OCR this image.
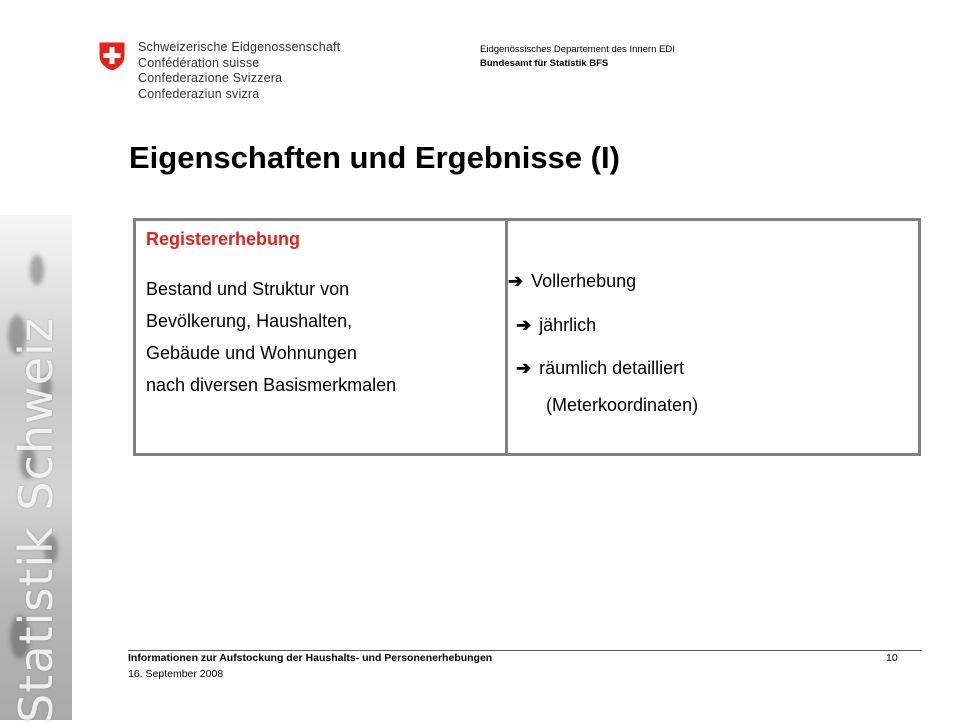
Statistik Schweiz
Schweizerische Eidgenossenschaft
Confédération suisse
Confederazione Svizzera
Confederaziun svizra
Eidgenössisches Departement des Innern EDI
Bundesamt für Statistik BFS
Eigenschaften und Ergebnisse (I)
Registererhebung
Bestand und Struktur von
Bevölkerung, Haushalten,
Gebäude und Wohnungen
nach diversen Basismerkmalen
➔ Vollerhebung
➔ jährlich
➔ räumlich detailliert
(Meterkoordinaten)
Informationen zur Aufstockung der Haushalts- und Personenerhebungen
16. September 2008
10
